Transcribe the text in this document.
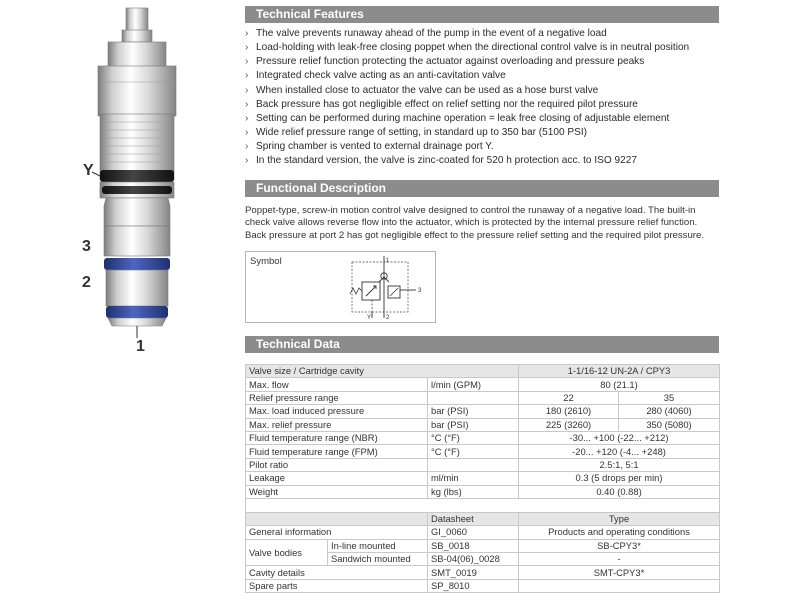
Y
3
2
1
Technical Features
› The valve prevents runaway ahead of the pump in the event of a negative load
› Load-holding with leak-free closing poppet when the directional control valve is in neutral position
› Pressure relief function protecting the actuator against overloading and pressure peaks
› Integrated check valve acting as an anti-cavitation valve
› When installed close to actuator the valve can be used as a hose burst valve
› Back pressure has got negligible effect on relief setting nor the required pilot pressure
› Setting can be performed during machine operation = leak free closing of adjustable element
› Wide relief pressure range of setting, in standard up to 350 bar (5100 PSI)
› Spring chamber is vented to external drainage port Y.
› In the standard version, the valve is zinc-coated for 520 h protection acc. to ISO 9227
Functional Description

Poppet-type, screw-in motion control valve designed to control the runaway of a negative load. The built-in check valve allows reverse flow into the actuator, which is protected by the internal pressure relief function. Back pressure at port 2 has got negligible effect to the pressure relief setting and the required pilot pressure.

Symbol	1
3
2
Y
Technical Data
Valve size / Cartridge cavity			1-1/16-12 UN-2A / CPY3	
Max. flow		l/min (GPM)	80 (21.1)	
Relief pressure range			22	35
Max. load induced pressure		bar (PSI)	180 (2610)	280 (4060)
Max. relief pressure		bar (PSI)	225 (3260)	350 (5080)
Fluid temperature range (NBR)		°C (°F)	-30... +100 (-22... +212)	
Fluid temperature range (FPM)		°C (°F)	-20... +120 (-4... +248)	
Pilot ratio			2.5:1, 5:1	
Leakage		ml/min	0.3 (5 drops per min)	
Weight		kg (lbs)	0.40 (0.88)	

		Datasheet	Type	
General information		GI_0060	Products and operating conditions	
Valve bodies	In-line mounted	SB_0018	SB-CPY3*	
	Sandwich mounted	SB-04(06)_0028	-	
Cavity details		SMT_0019	SMT-CPY3*	
Spare parts		SP_8010		
